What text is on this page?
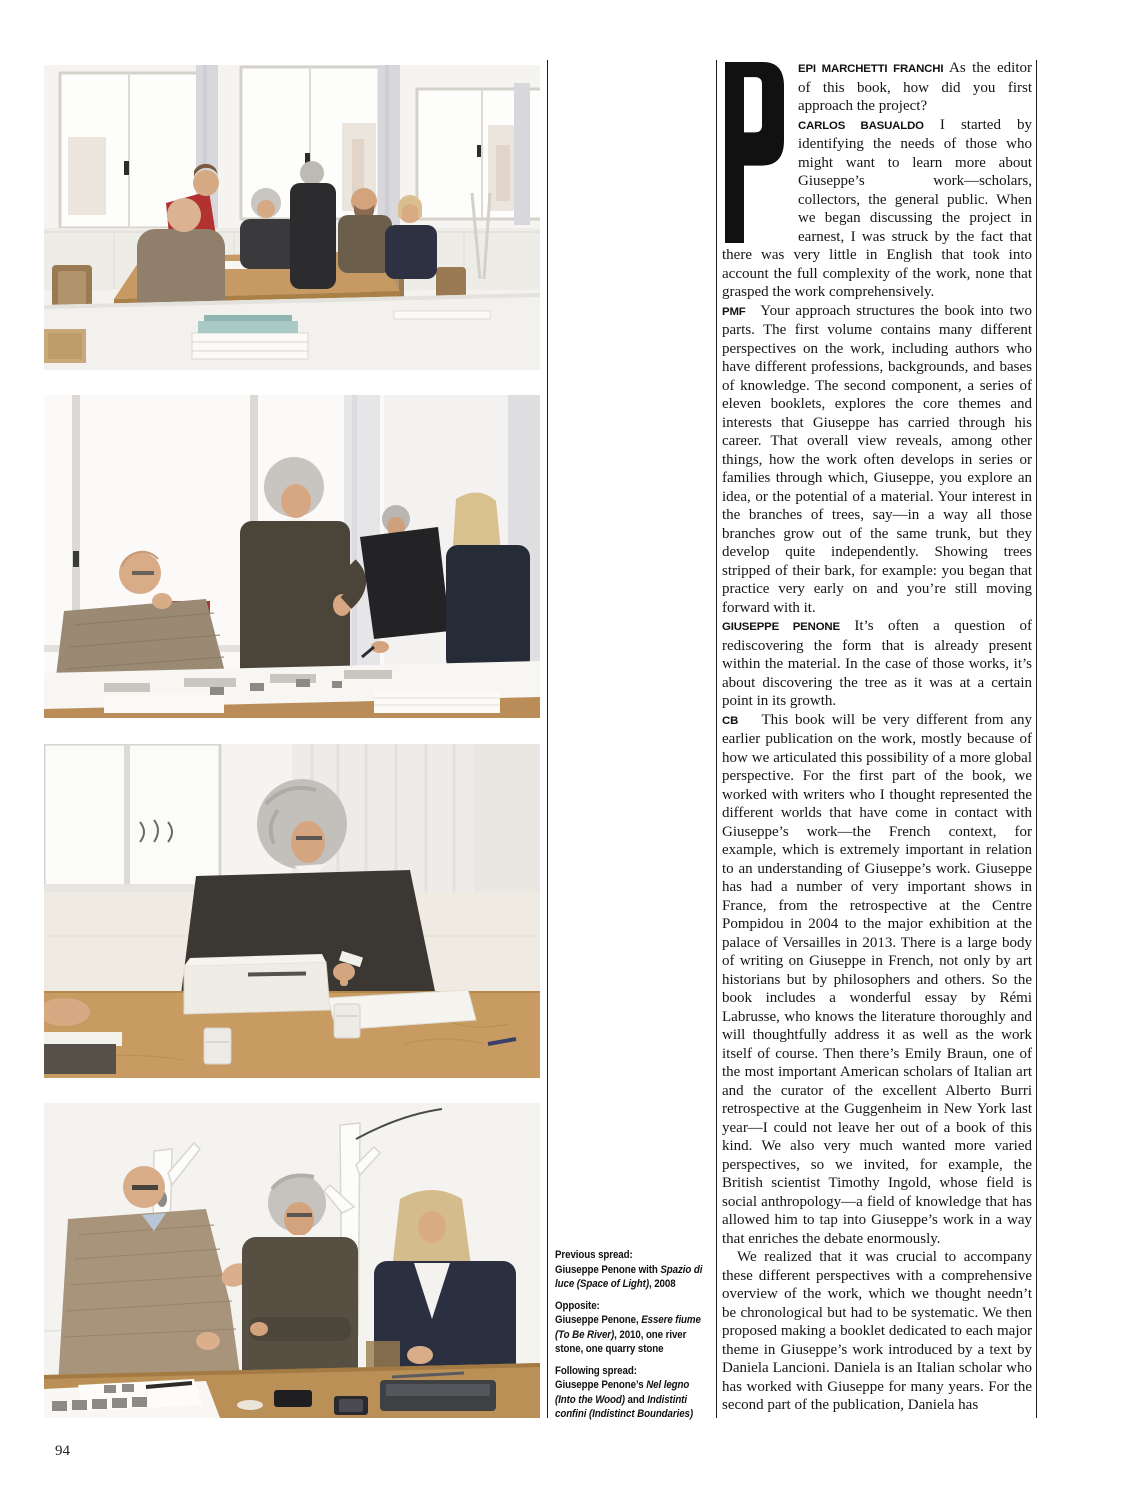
Previous spread:
Giuseppe Penone with Spazio di luce (Space of Light), 2008
Opposite:
Giuseppe Penone, Essere fiume (To Be River), 2010, one river stone, one quarry stone
Following spread:
Giuseppe Penone’s Nel legno (Into the Wood) and Indistinti confini (Indistinct Boundaries)

EPI MARCHETTI FRANCHI As the editor of this book, how did you first approach the project?

CARLOS BASUALDO I started by identifying the needs of those who might want to learn more about Giuseppe’s work—scholars, collectors, the general public. When we began discussing the project in earnest, I was struck by the fact that there was very little in English that took into account the full complexity of the work, none that grasped the work comprehensively.

PMF Your approach structures the book into two parts. The first volume contains many different perspectives on the work, including authors who have different professions, backgrounds, and bases of knowledge. The second component, a series of eleven booklets, explores the core themes and interests that Giuseppe has carried through his career. That overall view reveals, among other things, how the work often develops in series or families through which, Giuseppe, you explore an idea, or the potential of a material. Your interest in the branches of trees, say—in a way all those branches grow out of the same trunk, but they develop quite independently. Showing trees stripped of their bark, for example: you began that practice very early on and you’re still moving forward with it.

GIUSEPPE PENONE It’s often a question of rediscovering the form that is already present within the material. In the case of those works, it’s about discovering the tree as it was at a certain point in its growth.

CB This book will be very different from any earlier publication on the work, mostly because of how we articulated this possibility of a more global perspective. For the first part of the book, we worked with writers who I thought represented the different worlds that have come in contact with Giuseppe’s work—the French context, for example, which is extremely important in relation to an understanding of Giuseppe’s work. Giuseppe has had a number of very important shows in France, from the retrospective at the Centre Pompidou in 2004 to the major exhibition at the palace of Versailles in 2013. There is a large body of writing on Giuseppe in French, not only by art historians but by philosophers and others. So the book includes a wonderful essay by Rémi Labrusse, who knows the literature thoroughly and will thoughtfully address it as well as the work itself of course. Then there’s Emily Braun, one of the most important American scholars of Italian art and the curator of the excellent Alberto Burri retrospective at the Guggenheim in New York last year—I could not leave her out of a book of this kind. We also very much wanted more varied perspectives, so we invited, for example, the British scientist Timothy Ingold, whose field is social anthropology—a field of knowledge that has allowed him to tap into Giuseppe’s work in a way that enriches the debate enormously.

We realized that it was crucial to accompany these different perspectives with a comprehensive overview of the work, which we thought needn’t be chronological but had to be systematic. We then proposed making a booklet dedicated to each major theme in Giuseppe’s work introduced by a text by Daniela Lancioni. Daniela is an Italian scholar who has worked with Giuseppe for many years. For the second part of the publication, Daniela has

94
